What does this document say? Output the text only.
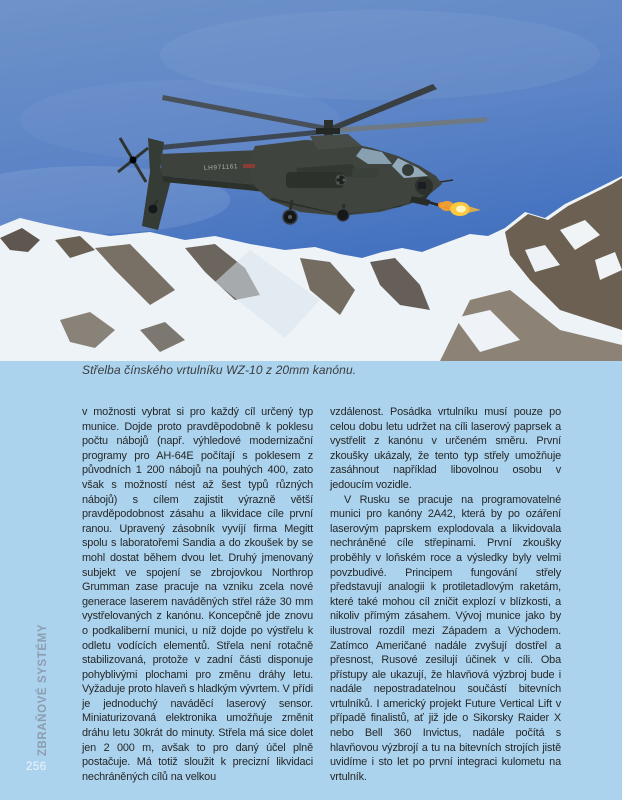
LH971161

Střelba čínského vrtulníku WZ-10 z 20mm kanónu.

v možnosti vybrat si pro každý cíl určený typ munice. Dojde proto pravděpodobně k poklesu počtu nábojů (např. výhledové modernizační programy pro AH-64E počítají s poklesem z původních 1 200 nábojů na pouhých 400, zato však s možností nést až šest typů různých nábojů) s cílem zajistit výrazně větší pravděpodobnost zásahu a likvidace cíle první ranou. Upravený zásobník vyvíjí firma Megitt spolu s laboratořemi Sandia a do zkoušek by se mohl dostat během dvou let. Druhý jmenovaný subjekt ve spojení se zbrojovkou Northrop Grumman zase pracuje na vzniku zcela nové generace laserem naváděných střel ráže 30 mm vystřelovaných z kanónu. Koncepčně jde znovu o podkaliberní munici, u níž dojde po výstřelu k odletu vodících elementů. Střela není rotačně stabilizovaná, protože v zadní části disponuje pohyblivými plochami pro změnu dráhy letu. Vyžaduje proto hlaveň s hladkým vývrtem. V přídi je jednoduchý naváděcí laserový sensor. Miniaturizovaná elektronika umožňuje změnit dráhu letu 30krát do minuty. Střela má sice dolet jen 2 000 m, avšak to pro daný účel plně postačuje. Má totiž sloužit k precizní likvidaci nechráněných cílů na velkou

vzdálenost. Posádka vrtulníku musí pouze po celou dobu letu udržet na cíli laserový paprsek a vystřelit z kanónu v určeném směru. První zkoušky ukázaly, že tento typ střely umožňuje zasáhnout například libovolnou osobu v jedoucím vozidle.

V Rusku se pracuje na programovatelné munici pro kanóny 2A42, která by po ozáření laserovým paprskem explodovala a likvidovala nechráněné cíle střepinami. První zkoušky proběhly v loňském roce a výsledky byly velmi povzbudivé. Principem fungování střely představují analogii k protiletadlovým raketám, které také mohou cíl zničit explozí v blízkosti, a nikoliv přímým zásahem. Vývoj munice jako by ilustroval rozdíl mezi Západem a Východem. Zatímco Američané nadále zvyšují dostřel a přesnost, Rusové zesilují účinek v cíli. Oba přístupy ale ukazují, že hlavňová výzbroj bude i nadále nepostradatelnou součástí bitevních vrtulníků. I americký projekt Future Vertical Lift v případě finalistů, ať již jde o Sikorsky Raider X nebo Bell 360 Invictus, nadále počítá s hlavňovou výzbrojí a tu na bitevních strojích jistě uvidíme i sto let po první integraci kulometu na vrtulník.

ZBRAŇOVÉ SYSTÉMY
256
